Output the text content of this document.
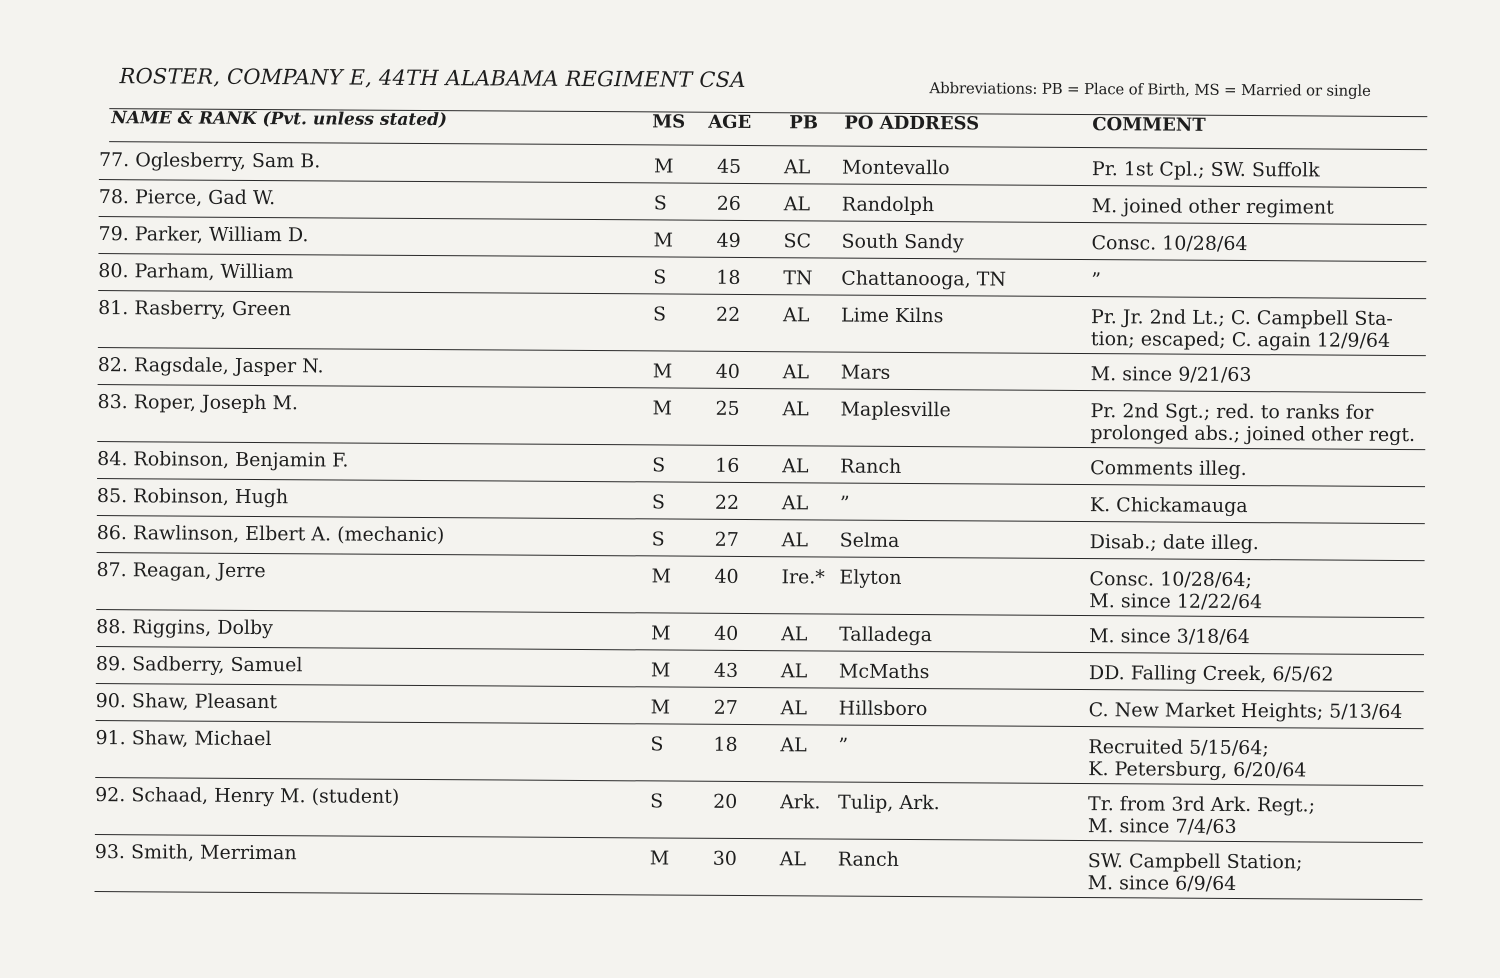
ROSTER, COMPANY E, 44TH ALABAMA REGIMENT CSA	Abbreviations: PB = Place of Birth, MS = Married or single
NAME & RANK (Pvt. unless stated)	MS AGE PB PO ADDRESS	COMMENT
77. Oglesberry, Sam B.	M 45 AL Montevallo	Pr. 1st Cpl.; SW. Suffolk
78. Pierce, Gad W.	S	26 AL Randolph	M. joined other regiment
79. Parker, William D.	M 49 SC South Sandy	Consc. 10/28/64
80. Parham, William	S	18 TN Chattanooga, TN	”
81. Rasberry, Green	S	22 AL Lime Kilns	Pr. Jr. 2nd Lt.; C. Campbell Sta-
tion; escaped; C. again 12/9/64
82. Ragsdale, Jasper N.	M 40 AL Mars	M. since 9/21/63
83. Roper, Joseph M.	M 25 AL Maplesville	Pr. 2nd Sgt.; red. to ranks for
prolonged abs.; joined other regt.
84. Robinson, Benjamin F.	S	16 AL Ranch	Comments illeg.
85. Robinson, Hugh	S	22 AL ”	K. Chickamauga
86. Rawlinson, Elbert A. (mechanic)	S	27 AL Selma	Disab.; date illeg.
87. Reagan, Jerre	M 40 Ire.* Elyton	Consc. 10/28/64;
M. since 12/22/64
88. Riggins, Dolby	M 40 AL Talladega	M. since 3/18/64
89. Sadberry, Samuel	M 43 AL McMaths	DD. Falling Creek, 6/5/62
90. Shaw, Pleasant	M 27 AL Hillsboro	C. New Market Heights; 5/13/64
91. Shaw, Michael	S	18 AL ”	Recruited 5/15/64;
K. Petersburg, 6/20/64
92. Schaad, Henry M. (student)	S	20 Ark. Tulip, Ark.	Tr. from 3rd Ark. Regt.;
M. since 7/4/63
93. Smith, Merriman	M 30 AL Ranch	SW. Campbell Station;
M. since 6/9/64
